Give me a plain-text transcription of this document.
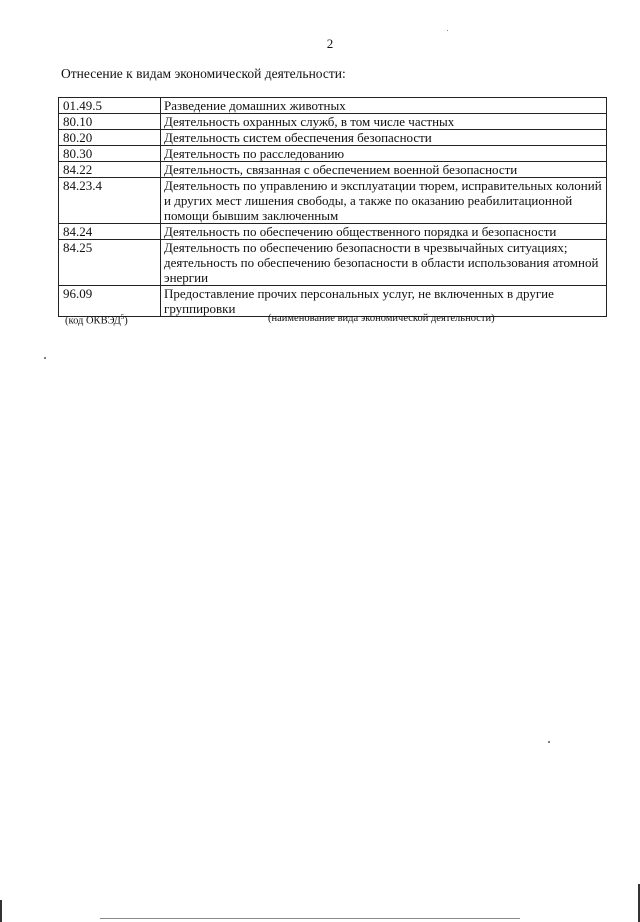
2
Отнесение к видам экономической деятельности:
01.49.5	Разведение домашних животных
80.10	Деятельность охранных служб, в том числе частных
80.20	Деятельность систем обеспечения безопасности
80.30	Деятельность по расследованию
84.22	Деятельность, связанная с обеспечением военной безопасности
84.23.4	Деятельность по управлению и эксплуатации тюрем, исправительных колоний и других мест лишения свободы, а также по оказанию реабилитационной помощи бывшим заключенным
84.24	Деятельность по обеспечению общественного порядка и безопасности
84.25	Деятельность по обеспечению безопасности в чрезвычайных ситуациях; деятельность по обеспечению безопасности в области использования атомной энергии
96.09	Предоставление прочих персональных услуг, не включенных в другие группировки
(код ОКВЭД$^5$)	(наименование вида экономической деятельности)
